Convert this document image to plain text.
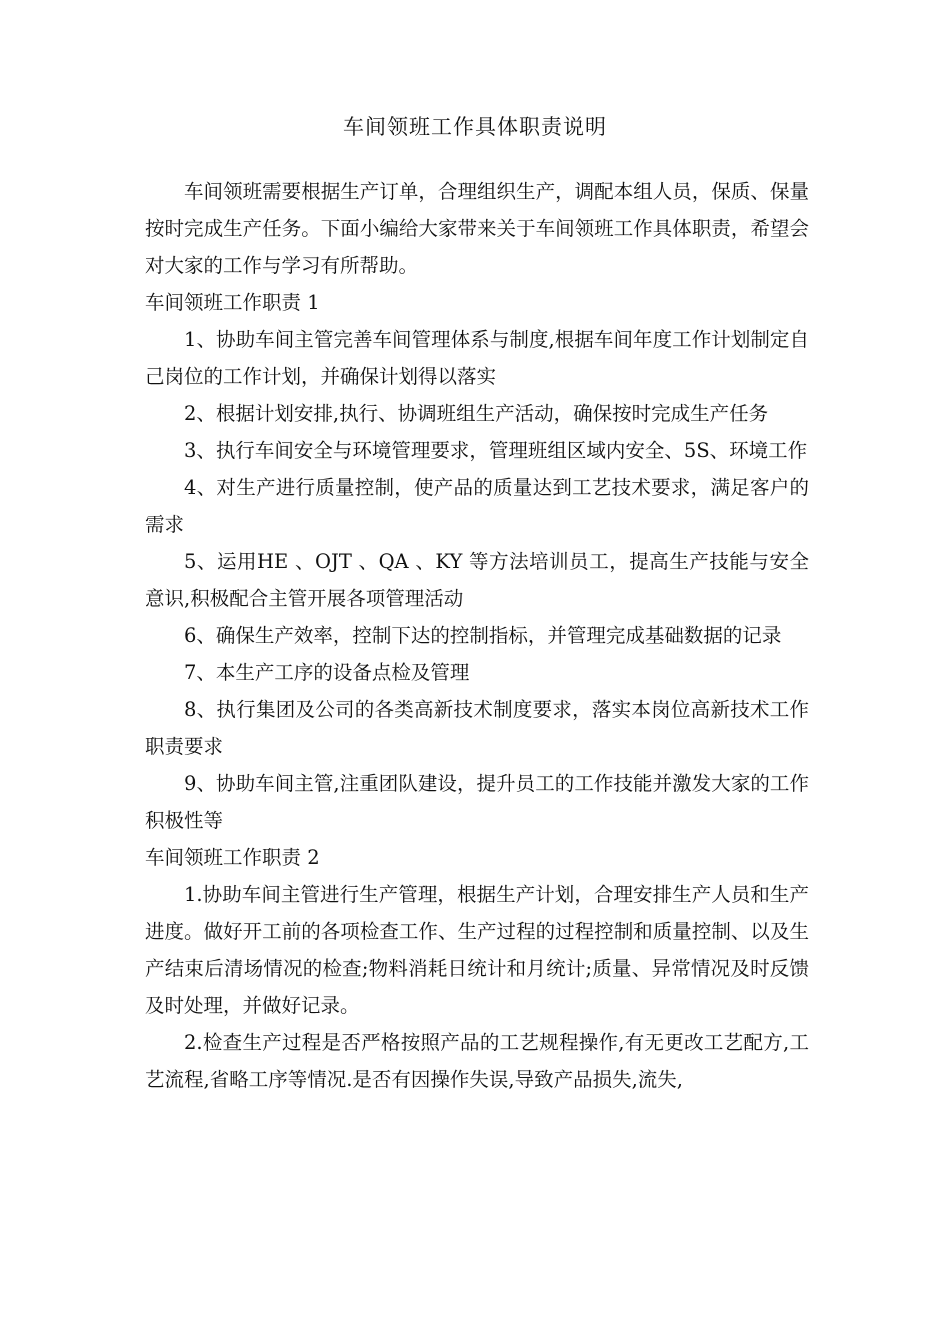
车间领班工作具体职责说明

车间领班需要根据生产订单，合理组织生产，调配本组人员，保质、保量按时完成生产任务。下面小编给大家带来关于车间领班工作具体职责，希望会对大家的工作与学习有所帮助。

车间领班工作职责 1

1、协助车间主管完善车间管理体系与制度,根据车间年度工作计划制定自己岗位的工作计划，并确保计划得以落实

2、根据计划安排,执行、协调班组生产活动，确保按时完成生产任务

3、执行车间安全与环境管理要求，管理班组区域内安全、5S、环境工作

4、对生产进行质量控制，使产品的质量达到工艺技术要求，满足客户的需求

5、运用HE 、OJT 、QA 、KY 等方法培训员工，提高生产技能与安全意识,积极配合主管开展各项管理活动

6、确保生产效率，控制下达的控制指标，并管理完成基础数据的记录

7、本生产工序的设备点检及管理

8、执行集团及公司的各类高新技术制度要求，落实本岗位高新技术工作职责要求

9、协助车间主管,注重团队建设，提升员工的工作技能并激发大家的工作积极性等

车间领班工作职责 2

1.协助车间主管进行生产管理，根据生产计划，合理安排生产人员和生产进度。做好开工前的各项检查工作、生产过程的过程控制和质量控制、以及生产结束后清场情况的检查;物料消耗日统计和月统计;质量、异常情况及时反馈及时处理，并做好记录。

2.检查生产过程是否严格按照产品的工艺规程操作,有无更改工艺配方,工艺流程,省略工序等情况.是否有因操作失误,导致产品损失,流失,
